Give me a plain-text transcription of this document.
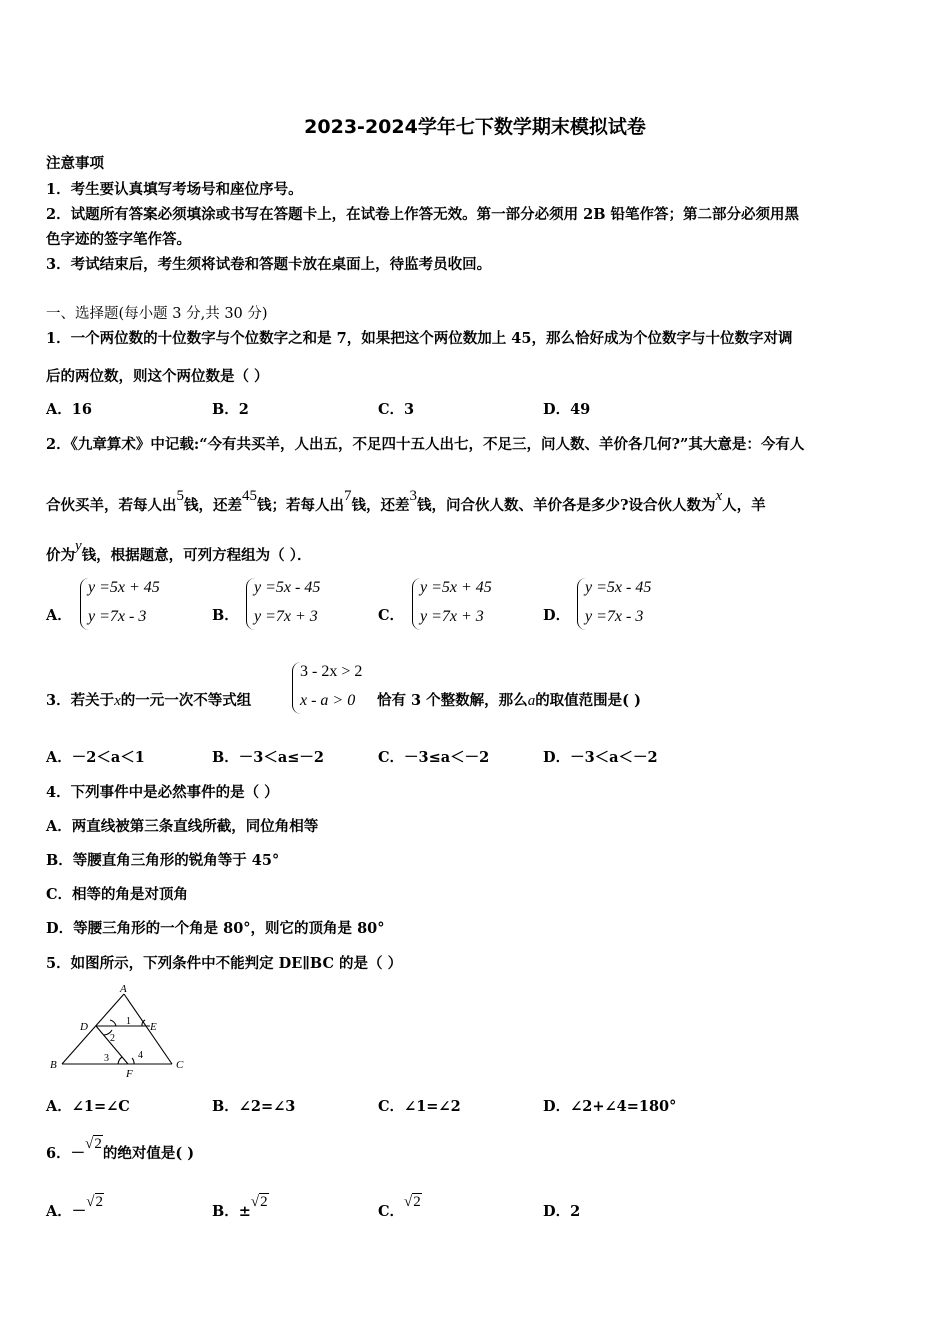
2023-2024学年七下数学期末模拟试卷
注意事项
1．考生要认真填写考场号和座位序号。
2．试题所有答案必须填涂或书写在答题卡上，在试卷上作答无效。第一部分必须用 2B 铅笔作答；第二部分必须用黑
色字迹的签字笔作答。
3．考试结束后，考生须将试卷和答题卡放在桌面上，待监考员收回。
一、选择题(每小题 3 分,共 30 分)
1．一个两位数的十位数字与个位数字之和是 7，如果把这个两位数加上 45，那么恰好成为个位数字与十位数字对调
后的两位数，则这个两位数是（ ）
A．16	B．2	C．3	D．49
2．《九章算术》中记载:“今有共买羊，人出五，不足四十五人出七，不足三，问人数、羊价各几何?”其大意是：今有人
合伙买羊，若每人出5钱，还差45钱；若每人出7钱，还差3钱，问合伙人数、羊价各是多少?设合伙人数为x人，羊
价为y钱，根据题意，可列方程组为（ ）．
A．
y =5x + 45
y =7x - 3	B．
y =5x - 45
y =7x + 3	C．
y =5x + 45
y =7x + 3	D．
y =5x - 45
y =7x - 3
3．若关于x的一元一次不等式组
3 - 2x > 2
x - a > 0 恰有 3 个整数解，那么a的取值范围是( )
A．－2＜a＜1	B．－3＜a≤－2	C．－3≤a＜－2	D．－3＜a＜－2
4．下列事件中是必然事件的是（ ）
A．两直线被第三条直线所截，同位角相等
B．等腰直角三角形的锐角等于 45°
C．相等的角是对顶角
D．等腰三角形的一个角是 80°，则它的顶角是 80°
5．如图所示，下列条件中不能判定 DE∥BC 的是（ ）
A
D	E
B	C
F
1
2
3	4
A．∠1=∠C	B．∠2=∠3	C．∠1=∠2	D．∠2+∠4=180°
6．－√2的绝对值是( )
A．－√2
B．±√2
C．√2
D．2
